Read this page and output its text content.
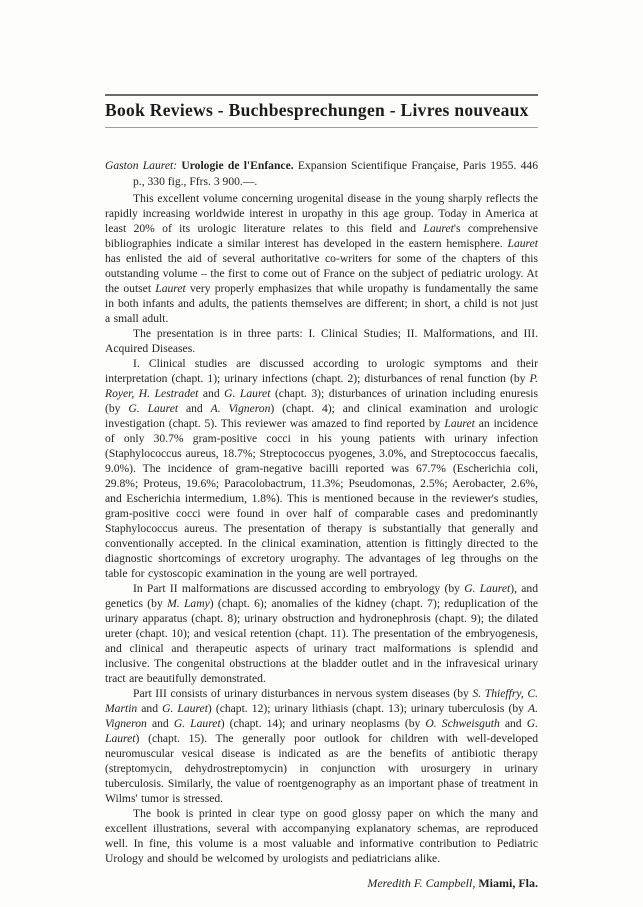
Book Reviews - Buchbesprechungen - Livres nouveaux

Gaston Lauret: Urologie de l'Enfance. Expansion Scientifique Française, Paris 1955. 446 p., 330 fig., Ffrs. 3 900.—.

This excellent volume concerning urogenital disease in the young sharply reflects the rapidly increasing worldwide interest in uropathy in this age group. Today in America at least 20% of its urologic literature relates to this field and Lauret's comprehensive bibliographies indicate a similar interest has developed in the eastern hemisphere. Lauret has enlisted the aid of several authoritative co-writers for some of the chapters of this outstanding volume – the first to come out of France on the subject of pediatric urology. At the outset Lauret very properly emphasizes that while uropathy is fundamentally the same in both infants and adults, the patients themselves are different; in short, a child is not just a small adult.

The presentation is in three parts: I. Clinical Studies; II. Malformations, and III. Acquired Diseases.

I. Clinical studies are discussed according to urologic symptoms and their interpretation (chapt. 1); urinary infections (chapt. 2); disturbances of renal function (by P. Royer, H. Lestradet and G. Lauret (chapt. 3); disturbances of urination including enuresis (by G. Lauret and A. Vigneron) (chapt. 4); and clinical examination and urologic investigation (chapt. 5). This reviewer was amazed to find reported by Lauret an incidence of only 30.7% gram-positive cocci in his young patients with urinary infection (Staphylococcus aureus, 18.7%; Streptococcus pyogenes, 3.0%, and Streptococcus faecalis, 9.0%). The incidence of gram-negative bacilli reported was 67.7% (Escherichia coli, 29.8%; Proteus, 19.6%; Paracolobactrum, 11.3%; Pseudomonas, 2.5%; Aerobacter, 2.6%, and Escherichia intermedium, 1.8%). This is mentioned because in the reviewer's studies, gram-positive cocci were found in over half of comparable cases and predominantly Staphylococcus aureus. The presentation of therapy is substantially that generally and conventionally accepted. In the clinical examination, attention is fittingly directed to the diagnostic shortcomings of excretory urography. The advantages of leg throughs on the table for cystoscopic examination in the young are well portrayed.

In Part II malformations are discussed according to embryology (by G. Lauret), and genetics (by M. Lamy) (chapt. 6); anomalies of the kidney (chapt. 7); reduplication of the urinary apparatus (chapt. 8); urinary obstruction and hydronephrosis (chapt. 9); the dilated ureter (chapt. 10); and vesical retention (chapt. 11). The presentation of the embryogenesis, and clinical and therapeutic aspects of urinary tract malformations is splendid and inclusive. The congenital obstructions at the bladder outlet and in the infravesical urinary tract are beautifully demonstrated.

Part III consists of urinary disturbances in nervous system diseases (by S. Thieffry, C. Martin and G. Lauret) (chapt. 12); urinary lithiasis (chapt. 13); urinary tuberculosis (by A. Vigneron and G. Lauret) (chapt. 14); and urinary neoplasms (by O. Schweisguth and G. Lauret) (chapt. 15). The generally poor outlook for children with well-developed neuromuscular vesical disease is indicated as are the benefits of antibiotic therapy (streptomycin, dehydrostreptomycin) in conjunction with urosurgery in urinary tuberculosis. Similarly, the value of roentgenography as an important phase of treatment in Wilms' tumor is stressed.

The book is printed in clear type on good glossy paper on which the many and excellent illustrations, several with accompanying explanatory schemas, are reproduced well. In fine, this volume is a most valuable and informative contribution to Pediatric Urology and should be welcomed by urologists and pediatricians alike.

Meredith F. Campbell, Miami, Fla.
